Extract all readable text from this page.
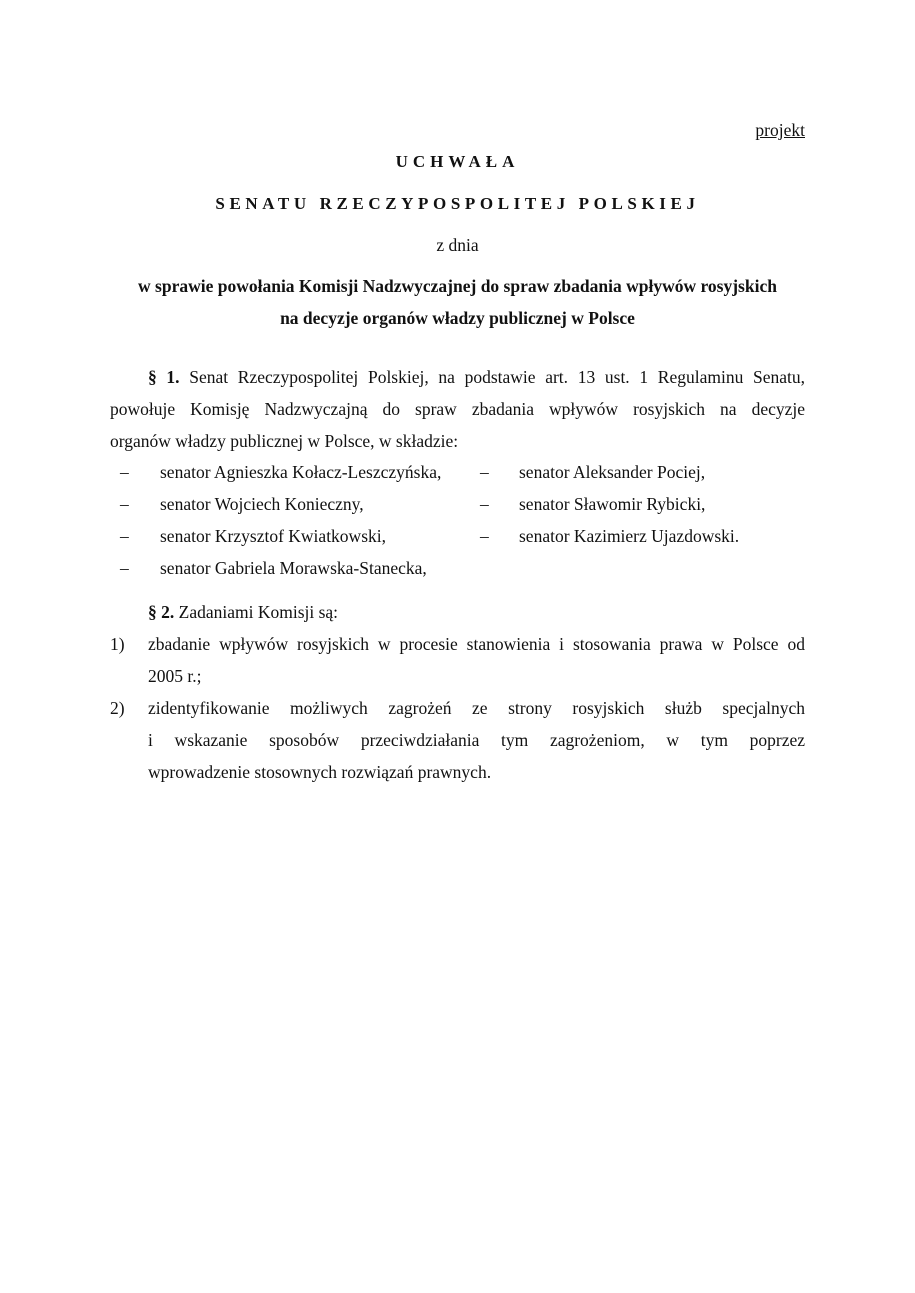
projekt
UCHWAŁA
SENATU RZECZYPOSPOLITEJ POLSKIEJ
z dnia
w sprawie powołania Komisji Nadzwyczajnej do spraw zbadania wpływów rosyjskich
na decyzje organów władzy publicznej w Polsce
§ 1. Senat Rzeczypospolitej Polskiej, na podstawie art. 13 ust. 1 Regulaminu Senatu,
powołuje Komisję Nadzwyczajną do spraw zbadania wpływów rosyjskich na decyzje
organów władzy publicznej w Polsce, w składzie:
–	senator Agnieszka Kołacz-Leszczyńska,
–	senator Wojciech Konieczny,
–	senator Krzysztof Kwiatkowski,
–	senator Gabriela Morawska-Stanecka,
–	senator Aleksander Pociej,
–	senator Sławomir Rybicki,
–	senator Kazimierz Ujazdowski.
§ 2. Zadaniami Komisji są:
1) zbadanie wpływów rosyjskich w procesie stanowienia i stosowania prawa w Polsce od
2005 r.;
2) zidentyfikowanie możliwych zagrożeń ze strony rosyjskich służb specjalnych
i wskazanie sposobów przeciwdziałania tym zagrożeniom, w tym poprzez
wprowadzenie stosownych rozwiązań prawnych.
